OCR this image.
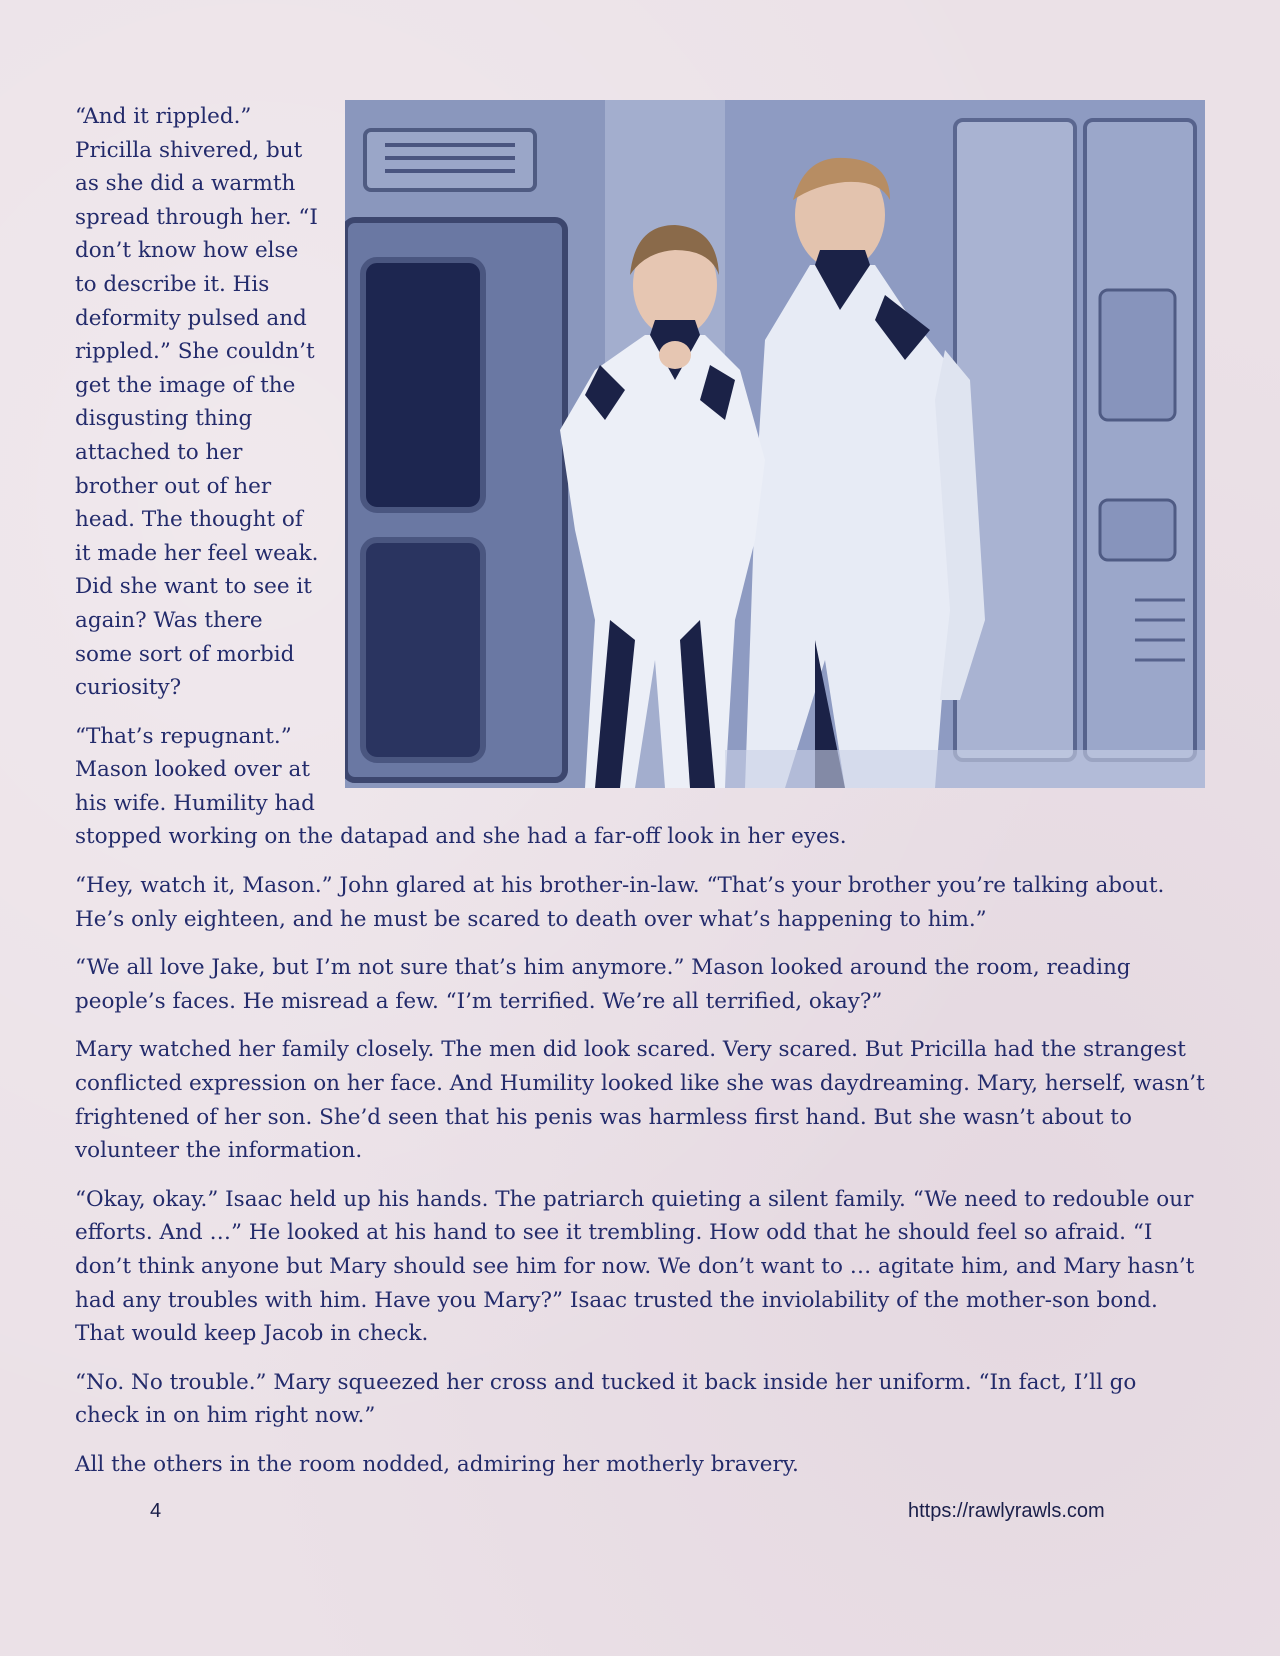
“And it rippled.” Pricilla shivered, but as she did a warmth spread through her. “I don’t know how else to describe it. His deformity pulsed and rippled.” She couldn’t get the image of the disgusting thing attached to her brother out of her head. The thought of it made her feel weak. Did she want to see it again? Was there some sort of morbid curiosity?

“That’s repugnant.” Mason looked over at his wife. Humility had stopped working on the datapad and she had a far-off look in her eyes.

“Hey, watch it, Mason.” John glared at his brother-in-law. “That’s your brother you’re talking about. He’s only eighteen, and he must be scared to death over what’s happening to him.”

“We all love Jake, but I’m not sure that’s him anymore.” Mason looked around the room, reading people’s faces. He misread a few. “I’m terrified. We’re all terrified, okay?”

Mary watched her family closely. The men did look scared. Very scared. But Pricilla had the strangest conflicted expression on her face. And Humility looked like she was daydreaming. Mary, herself, wasn’t frightened of her son. She’d seen that his penis was harmless first hand. But she wasn’t about to volunteer the information.

“Okay, okay.” Isaac held up his hands. The patriarch quieting a silent family. “We need to redouble our efforts. And …” He looked at his hand to see it trembling. How odd that he should feel so afraid. “I don’t think anyone but Mary should see him for now. We don’t want to … agitate him, and Mary hasn’t had any troubles with him. Have you Mary?” Isaac trusted the inviolability of the mother-son bond. That would keep Jacob in check.

“No. No trouble.” Mary squeezed her cross and tucked it back inside her uniform. “In fact, I’ll go check in on him right now.”

All the others in the room nodded, admiring her motherly bravery.

4	https://rawlyrawls.com
